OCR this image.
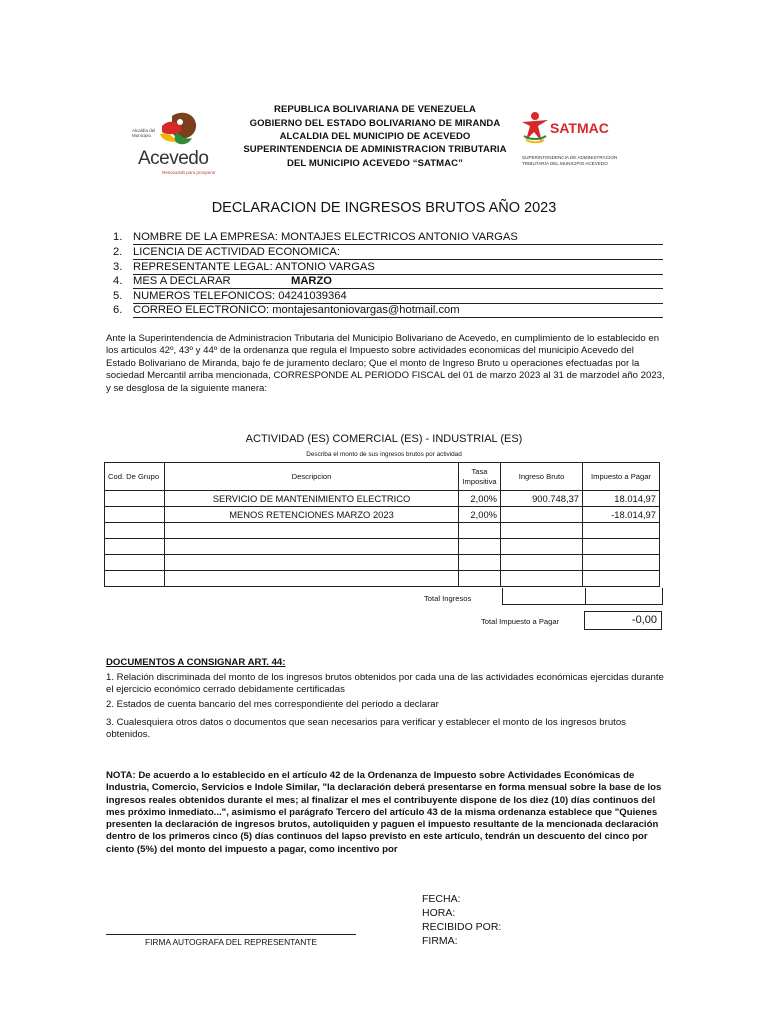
Alcaldía del Municipio
Acevedo
Renovando para prosperar
REPUBLICA BOLIVARIANA DE VENEZUELA
GOBIERNO DEL ESTADO BOLIVARIANO DE MIRANDA
ALCALDIA DEL MUNICIPIO DE ACEVEDO
SUPERINTENDENCIA DE ADMINISTRACION TRIBUTARIA
DEL MUNICIPIO ACEVEDO “SATMAC”
SATMAC
SUPERINTENDENCIA DE ADMINISTRACION
TRIBUTARIA DEL MUNICIPIO ACEVEDO
DECLARACION DE INGRESOS BRUTOS AÑO 2023
1. NOMBRE DE LA EMPRESA: MONTAJES ELECTRICOS ANTONIO VARGAS
2. LICENCIA DE ACTIVIDAD ECONOMICA:
3. REPRESENTANTE LEGAL: ANTONIO VARGAS
4. MES A DECLARAR	MARZO
5. NUMEROS TELEFONICOS: 04241039364
6. CORREO ELECTRONICO: montajesantoniovargas@hotmail.com
Ante la Superintendencia de Administracion Tributaria del Municipio Bolivariano de Acevedo, en cumplimiento de lo establecido en los articulos 42º, 43º y 44º de la ordenanza que regula el Impuesto sobre actividades economicas del municipio Acevedo del Estado Bolivariano de Miranda, bajo fe de juramento declaro; Que el monto de Ingreso Bruto u operaciones efectuadas por la sociedad Mercantil arriba mencionada, CORRESPONDE AL PERIODO FISCAL del 01 de marzo 2023 al 31 de marzodel año 2023, y se desglosa de la siguiente manera:
ACTIVIDAD (ES) COMERCIAL (ES) - INDUSTRIAL (ES)
Describa el monto de sus ingresos brutos por actividad
Cod. De Grupo	Descripcion	Tasa Impositiva	Ingreso Bruto	Impuesto a Pagar
	SERVICIO DE MANTENIMIENTO ELECTRICO	2,00%	900.748,37	18.014,97
	MENOS RETENCIONES MARZO 2023	2,00%		-18.014,97

Total Ingresos
Total Impuesto a Pagar	-0,00
DOCUMENTOS A CONSIGNAR ART. 44:
1. Relación discriminada del monto de los ingresos brutos obtenidos por cada una de las actividades económicas ejercidas durante el ejercicio económico cerrado debidamente certificadas
2. Estados de cuenta bancario del mes correspondiente del periodo a declarar
3. Cualesquiera otros datos o documentos que sean necesarios para verificar y establecer el monto de los ingresos brutos obtenidos.
NOTA: De acuerdo a lo establecido en el artículo 42 de la Ordenanza de Impuesto sobre Actividades Económicas de Industria, Comercio, Servicios e Indole Similar, "la declaración deberá presentarse en forma mensual sobre la base de los ingresos reales obtenidos durante el mes; al finalizar el mes el contribuyente dispone de los diez (10) días continuos del mes próximo inmediato...", asimismo el parágrafo Tercero del artículo 43 de la misma ordenanza establece que "Quienes presenten la declaración de ingresos brutos, autoliquiden y paguen el impuesto resultante de la mencionada declaración dentro de los primeros cinco (5) días continuos del lapso previsto en este artículo, tendrán un descuento del cinco por ciento (5%) del monto del impuesto a pagar, como incentivo por
FIRMA AUTOGRAFA DEL REPRESENTANTE
FECHA:
HORA:
RECIBIDO POR:
FIRMA:
